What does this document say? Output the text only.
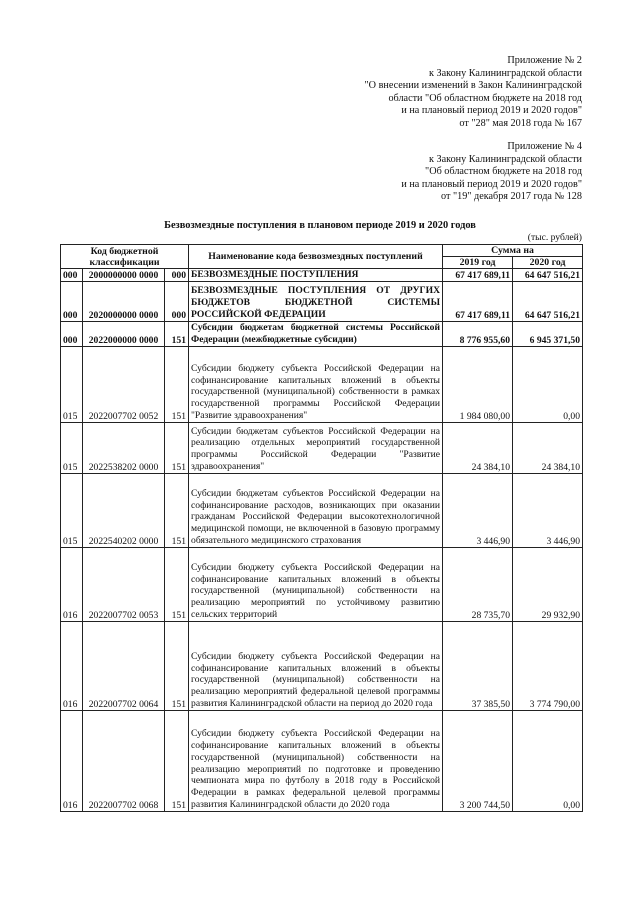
Приложение № 2
к Закону Калининградской области
"О внесении изменений в Закон Калининградской
области "Об областном бюджете на 2018 год
и на плановый период 2019 и 2020 годов"
от "28" мая 2018 года № 167
Приложение № 4
к Закону Калининградской области
"Об областном бюджете на 2018 год
и на плановый период 2019 и 2020 годов"
от "19" декабря 2017 года № 128
Безвозмездные поступления в плановом периоде 2019 и 2020 годов
(тыс. рублей)
Код бюджетной классификации			Наименование кода безвозмездных поступлений	Сумма на	
				2019 год	2020 год
000	2000000000 0000	000	БЕЗВОЗМЕЗДНЫЕ ПОСТУПЛЕНИЯ	67 417 689,11	64 647 516,21
000	2020000000 0000	000	БЕЗВОЗМЕЗДНЫЕ ПОСТУПЛЕНИЯ ОТ ДРУГИХ БЮДЖЕТОВ БЮДЖЕТНОЙ СИСТЕМЫ РОССИЙСКОЙ ФЕДЕРАЦИИ	67 417 689,11	64 647 516,21
000	2022000000 0000	151	Субсидии бюджетам бюджетной системы Российской Федерации (межбюджетные субсидии)	8 776 955,60	6 945 371,50
015	2022007702 0052	151	Субсидии бюджету субъекта Российской Федерации на софинансирование капитальных вложений в объекты государственной (муниципальной) собственности в рамках государственной программы Российской Федерации "Развитие здравоохранения"	1 984 080,00	0,00
015	2022538202 0000	151	Субсидии бюджетам субъектов Российской Федерации на реализацию отдельных мероприятий государственной программы Российской Федерации "Развитие здравоохранения"	24 384,10	24 384,10
015	2022540202 0000	151	Субсидии бюджетам субъектов Российской Федерации на софинансирование расходов, возникающих при оказании гражданам Российской Федерации высокотехнологичной медицинской помощи, не включенной в базовую программу обязательного медицинского страхования	3 446,90	3 446,90
016	2022007702 0053	151	Субсидии бюджету субъекта Российской Федерации на софинансирование капитальных вложений в объекты государственной (муниципальной) собственности на реализацию мероприятий по устойчивому развитию сельских территорий	28 735,70	29 932,90
016	2022007702 0064	151	Субсидии бюджету субъекта Российской Федерации на софинансирование капитальных вложений в объекты государственной (муниципальной) собственности на реализацию мероприятий федеральной целевой программы развития Калининградской области на период до 2020 года	37 385,50	3 774 790,00
016	2022007702 0068	151	Субсидии бюджету субъекта Российской Федерации на софинансирование капитальных вложений в объекты государственной (муниципальной) собственности на реализацию мероприятий по подготовке и проведению чемпионата мира по футболу в 2018 году в Российской Федерации в рамках федеральной целевой программы развития Калининградской области до 2020 года	3 200 744,50	0,00
